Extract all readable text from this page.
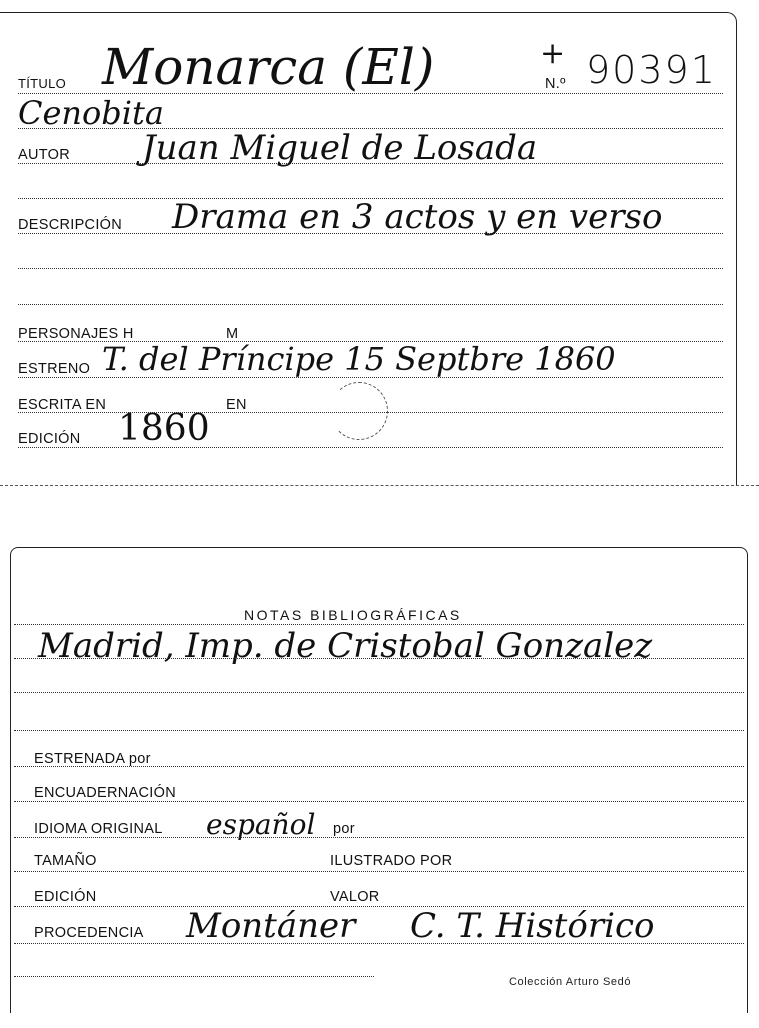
TÍTULO Monarca (El)	+
N.º 90391
Cenobita
AUTOR Juan Miguel de Losada
DESCRIPCIÓN Drama en 3 actos y en verso
PERSONAJES H	M
ESTRENO T. del Príncipe 15 Septbre 1860
ESCRITA EN	EN
EDICIÓN 1860
NOTAS BIBLIOGRÁFICAS
Madrid, Imp. de Cristobal Gonzalez
ESTRENADA por
ENCUADERNACIÓN
IDIOMA ORIGINAL español por
TAMAÑO	ILUSTRADO POR
EDICIÓN	VALOR
PROCEDENCIA Montáner C. T. Histórico
Colección Arturo Sedó
